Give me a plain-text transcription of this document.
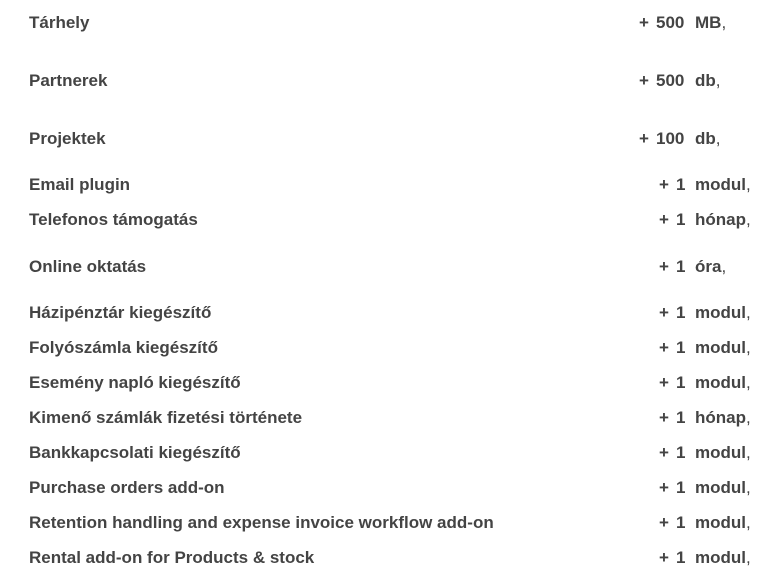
Tárhely	+ 500 MB,
Partnerek	+ 500 db,
Projektek	+ 100 db,
Email plugin	+ 1 modul,
Telefonos támogatás	+ 1 hónap,
Online oktatás	+ 1 óra,
Házipénztár kiegészítő	+ 1 modul,
Folyószámla kiegészítő	+ 1 modul,
Esemény napló kiegészítő	+ 1 modul,
Kimenő számlák fizetési története	+ 1 hónap,
Bankkapcsolati kiegészítő	+ 1 modul,
Purchase orders add-on	+ 1 modul,
Retention handling and expense invoice workflow add-on	+ 1 modul,
Rental add-on for Products & stock	+ 1 modul,
